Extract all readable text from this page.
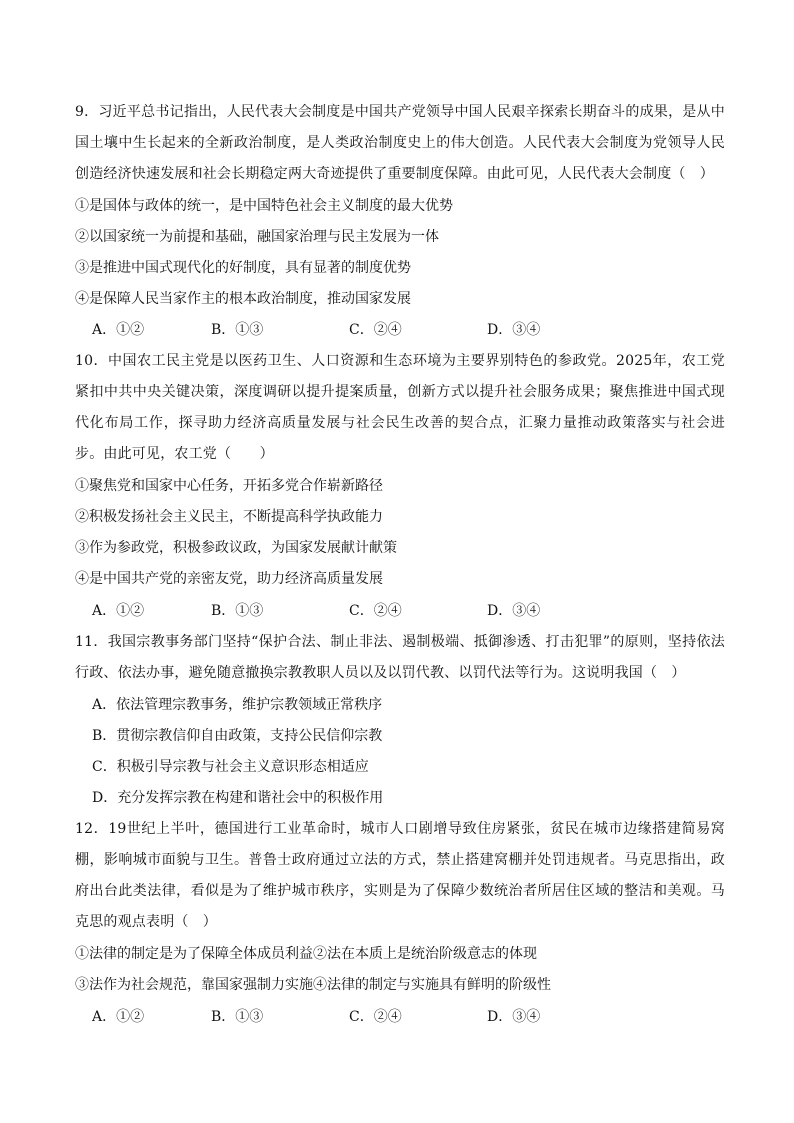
9．习近平总书记指出，人民代表大会制度是中国共产党领导中国人民艰辛探索长期奋斗的成果，是从中国土壤中生长起来的全新政治制度，是人类政治制度史上的伟大创造。人民代表大会制度为党领导人民创造经济快速发展和社会长期稳定两大奇迹提供了重要制度保障。由此可见，人民代表大会制度（　）
①是国体与政体的统一，是中国特色社会主义制度的最大优势
②以国家统一为前提和基础，融国家治理与民主发展为一体
③是推进中国式现代化的好制度，具有显著的制度优势
④是保障人民当家作主的根本政治制度，推动国家发展
A．①②	B．①③	C．②④	D．③④
10．中国农工民主党是以医药卫生、人口资源和生态环境为主要界别特色的参政党。2025年，农工党紧扣中共中央关键决策，深度调研以提升提案质量，创新方式以提升社会服务成果；聚焦推进中国式现代化布局工作，探寻助力经济高质量发展与社会民生改善的契合点，汇聚力量推动政策落实与社会进步。由此可见，农工党（　　）
①聚焦党和国家中心任务，开拓多党合作崭新路径
②积极发扬社会主义民主，不断提高科学执政能力
③作为参政党，积极参政议政，为国家发展献计献策
④是中国共产党的亲密友党，助力经济高质量发展
A．①②	B．①③	C．②④	D．③④
11．我国宗教事务部门坚持“保护合法、制止非法、遏制极端、抵御渗透、打击犯罪”的原则，坚持依法行政、依法办事，避免随意撤换宗教教职人员以及以罚代教、以罚代法等行为。这说明我国（　）
A．依法管理宗教事务，维护宗教领域正常秩序
B．贯彻宗教信仰自由政策，支持公民信仰宗教
C．积极引导宗教与社会主义意识形态相适应
D．充分发挥宗教在构建和谐社会中的积极作用
12．19世纪上半叶，德国进行工业革命时，城市人口剧增导致住房紧张，贫民在城市边缘搭建简易窝棚，影响城市面貌与卫生。普鲁士政府通过立法的方式，禁止搭建窝棚并处罚违规者。马克思指出，政府出台此类法律，看似是为了维护城市秩序，实则是为了保障少数统治者所居住区域的整洁和美观。马克思的观点表明（　）
①法律的制定是为了保障全体成员利益②法在本质上是统治阶级意志的体现
③法作为社会规范，靠国家强制力实施④法律的制定与实施具有鲜明的阶级性
A．①②	B．①③	C．②④	D．③④
